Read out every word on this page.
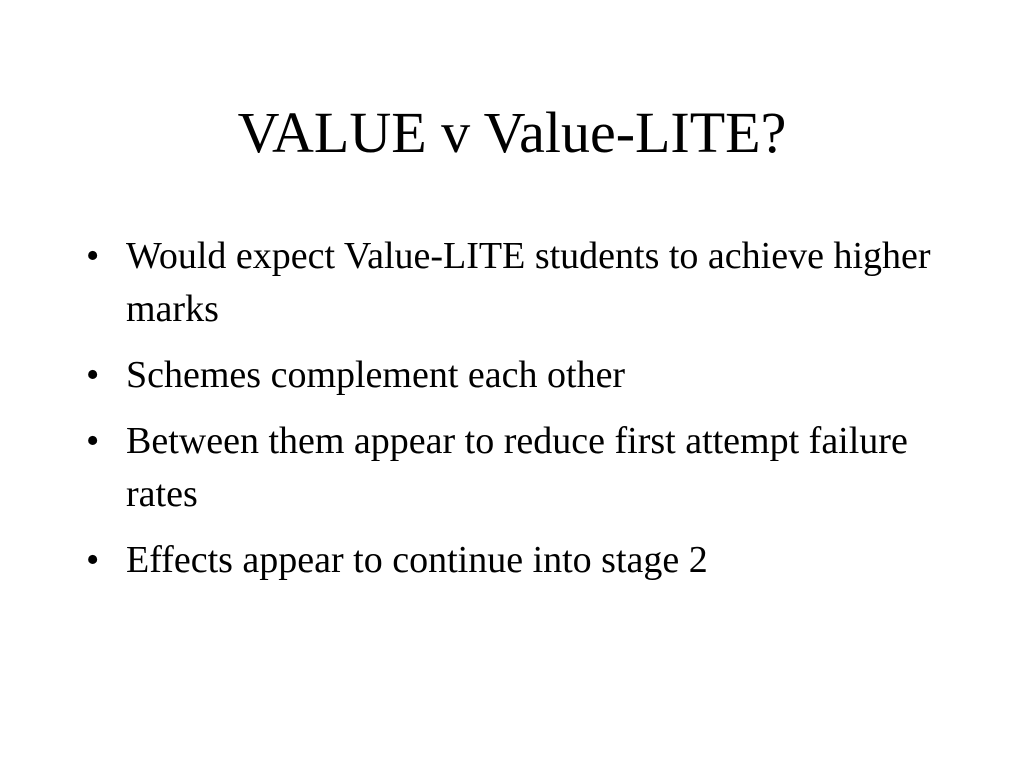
VALUE v Value-LITE?
• Would expect Value-LITE students to achieve higher marks
• Schemes complement each other
• Between them appear to reduce first attempt failure rates
• Effects appear to continue into stage 2
